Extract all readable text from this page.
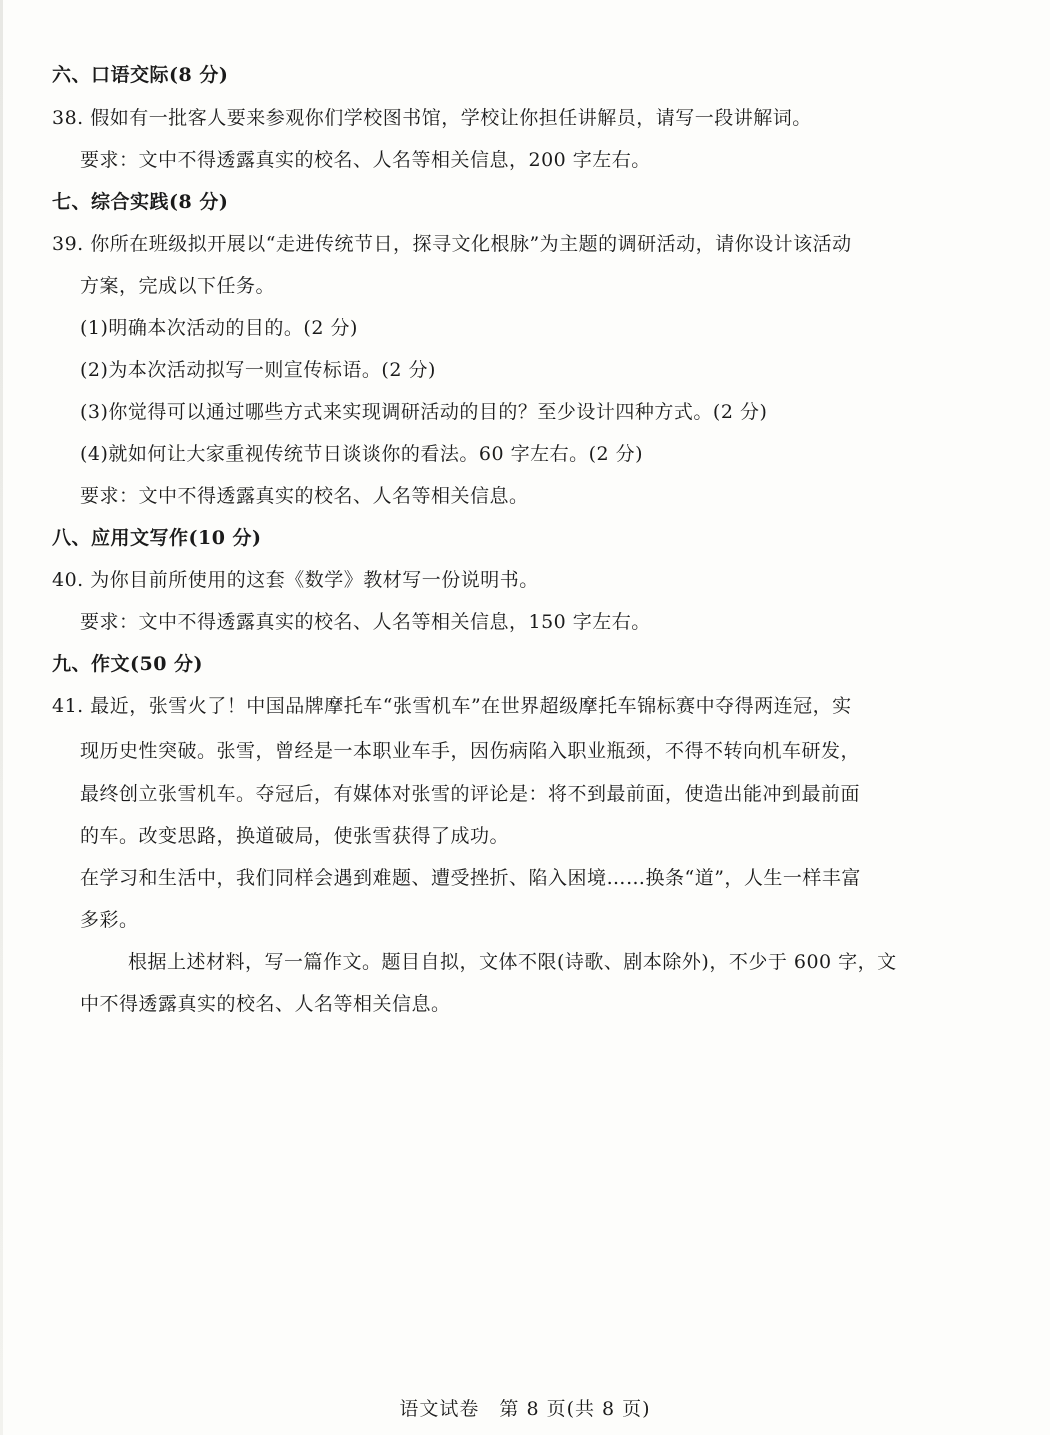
六、口语交际(8 分)
38. 假如有一批客人要来参观你们学校图书馆，学校让你担任讲解员，请写一段讲解词。
要求：文中不得透露真实的校名、人名等相关信息，200 字左右。
七、综合实践(8 分)
39. 你所在班级拟开展以“走进传统节日，探寻文化根脉”为主题的调研活动，请你设计该活动
方案，完成以下任务。
(1)明确本次活动的目的。(2 分)
(2)为本次活动拟写一则宣传标语。(2 分)
(3)你觉得可以通过哪些方式来实现调研活动的目的？至少设计四种方式。(2 分)
(4)就如何让大家重视传统节日谈谈你的看法。60 字左右。(2 分)
要求：文中不得透露真实的校名、人名等相关信息。
八、应用文写作(10 分)
40. 为你目前所使用的这套《数学》教材写一份说明书。
要求：文中不得透露真实的校名、人名等相关信息，150 字左右。
九、作文(50 分)
41. 最近，张雪火了！中国品牌摩托车“张雪机车”在世界超级摩托车锦标赛中夺得两连冠，实
现历史性突破。张雪，曾经是一本职业车手，因伤病陷入职业瓶颈，不得不转向机车研发，
最终创立张雪机车。夺冠后，有媒体对张雪的评论是：将不到最前面，使造出能冲到最前面
的车。改变思路，换道破局，使张雪获得了成功。
在学习和生活中，我们同样会遇到难题、遭受挫折、陷入困境……换条“道”，人生一样丰富
多彩。
根据上述材料，写一篇作文。题目自拟，文体不限(诗歌、剧本除外)，不少于 600 字，文
中不得透露真实的校名、人名等相关信息。
语文试卷　第 8 页(共 8 页)
